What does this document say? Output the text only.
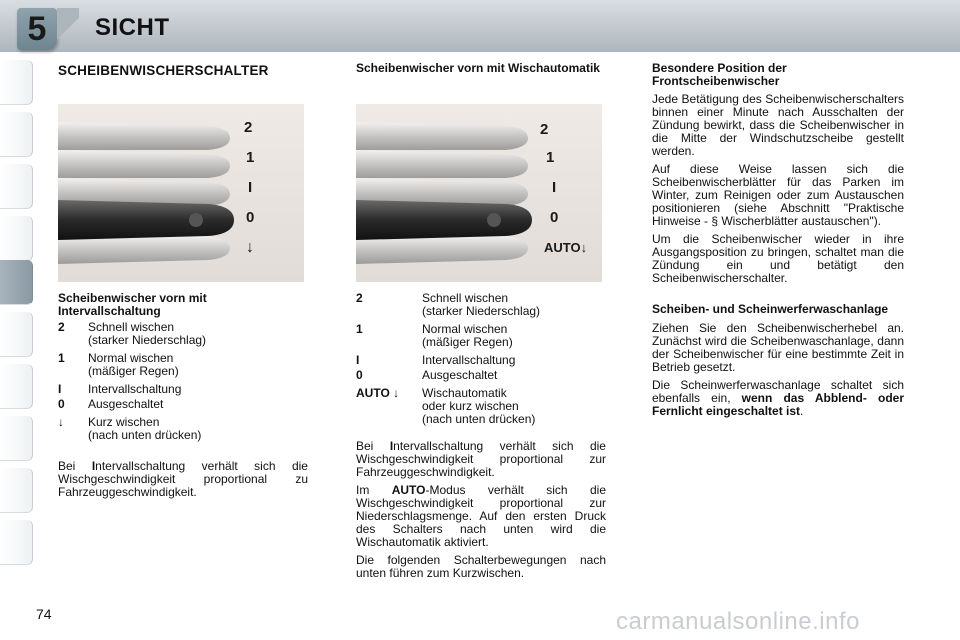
5 SICHT
SCHEIBENWISCHERSCHALTER
2
1
I
0
↓
Scheibenwischer vorn mit Intervallschaltung
2	Schnell wischen
(starker Niederschlag)
1	Normal wischen
(mäßiger Regen)
I	Intervallschaltung
0	Ausgeschaltet
↓	Kurz wischen
(nach unten drücken)

Bei Intervallschaltung verhält sich die Wischgeschwindigkeit proportional zu Fahrzeuggeschwindigkeit.

Scheibenwischer vorn mit Wischautomatik
2
1
I
0
AUTO↓
2	Schnell wischen
(starker Niederschlag)
1	Normal wischen
(mäßiger Regen)
I	Intervallschaltung
0	Ausgeschaltet
AUTO ↓	Wischautomatik
oder kurz wischen
(nach unten drücken)

Bei Intervallschaltung verhält sich die Wischgeschwindigkeit proportional zur Fahrzeuggeschwindigkeit.

Im AUTO-Modus verhält sich die Wischgeschwindigkeit proportional zur Niederschlagsmenge. Auf den ersten Druck des Schalters nach unten wird die Wischautomatik aktiviert.

Die folgenden Schalterbewegungen nach unten führen zum Kurzwischen.

Besondere Position der Frontscheibenwischer

Jede Betätigung des Scheibenwischerschalters binnen einer Minute nach Ausschalten der Zündung bewirkt, dass die Scheibenwischer in die Mitte der Windschutzscheibe gestellt werden.

Auf diese Weise lassen sich die Scheibenwischerblätter für das Parken im Winter, zum Reinigen oder zum Austauschen positionieren (siehe Abschnitt "Praktische Hinweise - § Wischerblätter austauschen").

Um die Scheibenwischer wieder in ihre Ausgangsposition zu bringen, schaltet man die Zündung ein und betätigt den Scheibenwischerschalter.

Scheiben- und Scheinwerferwaschanlage

Ziehen Sie den Scheibenwischerhebel an. Zunächst wird die Scheibenwaschanlage, dann der Scheibenwischer für eine bestimmte Zeit in Betrieb gesetzt.

Die Scheinwerferwaschanlage schaltet sich ebenfalls ein, wenn das Abblend- oder Fernlicht eingeschaltet ist.

74	carmanualsonline.info
